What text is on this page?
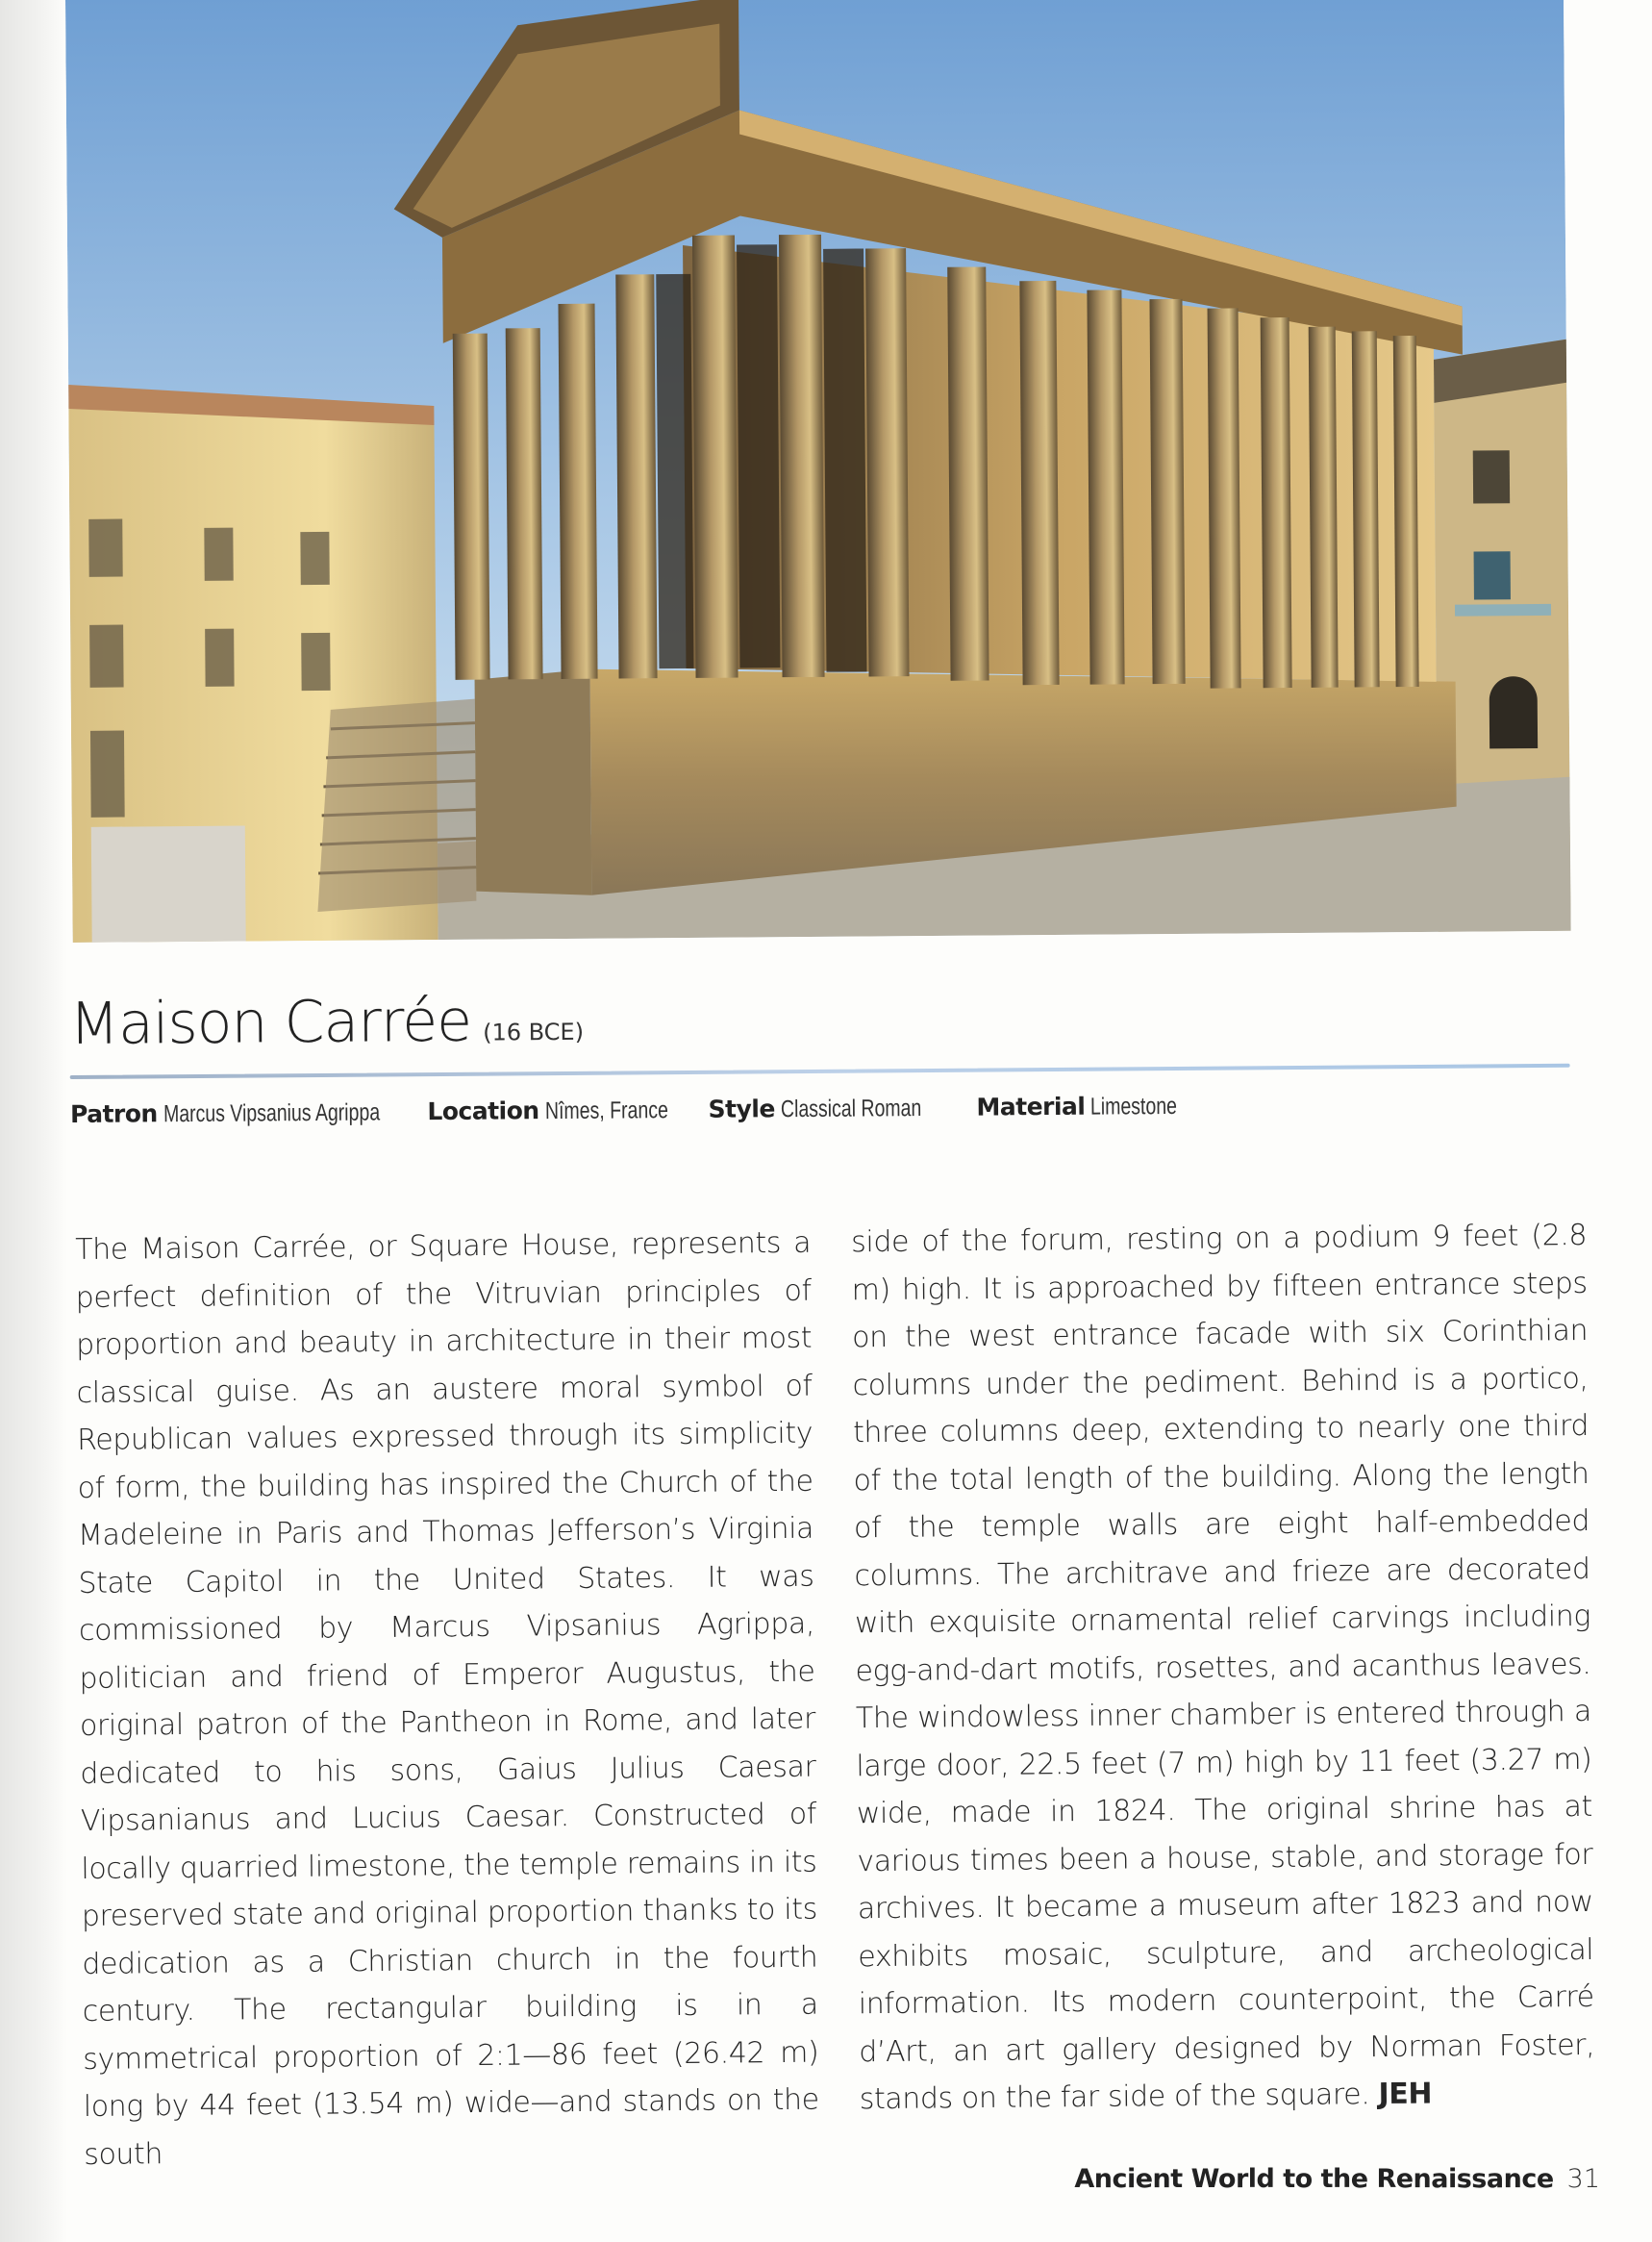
Maison Carrée (16 BCE)
Patron Marcus Vipsanius Agrippa	Location Nîmes, France	Style Classical Roman	Material Limestone

The Maison Carrée, or Square House, represents a perfect definition of the Vitruvian principles of proportion and beauty in architecture in their most classical guise. As an austere moral symbol of Republican values expressed through its simplicity of form, the building has inspired the Church of the Madeleine in Paris and Thomas Jefferson’s Virginia State Capitol in the United States. It was commissioned by Marcus Vipsanius Agrippa, politician and friend of Emperor Augustus, the original patron of the Pantheon in Rome, and later dedicated to his sons, Gaius Julius Caesar Vipsanianus and Lucius Caesar. Constructed of locally quarried limestone, the temple remains in its preserved state and original proportion thanks to its dedication as a Christian church in the fourth century. The rectangular building is in a symmetrical proportion of 2:1—86 feet (26.42 m) long by 44 feet (13.54 m) wide—and stands on the south

side of the forum, resting on a podium 9 feet (2.8 m) high. It is approached by fifteen entrance steps on the west entrance facade with six Corinthian columns under the pediment. Behind is a portico, three columns deep, extending to nearly one third of the total length of the building. Along the length of the temple walls are eight half-embedded columns. The architrave and frieze are decorated with exquisite ornamental relief carvings including egg-and-dart motifs, rosettes, and acanthus leaves. The windowless inner chamber is entered through a large door, 22.5 feet (7 m) high by 11 feet (3.27 m) wide, made in 1824. The original shrine has at various times been a house, stable, and storage for archives. It became a museum after 1823 and now exhibits mosaic, sculpture, and archeological information. Its modern counterpoint, the Carré d’Art, an art gallery designed by Norman Foster, stands on the far side of the square. JEH

Ancient World to the Renaissance 31
